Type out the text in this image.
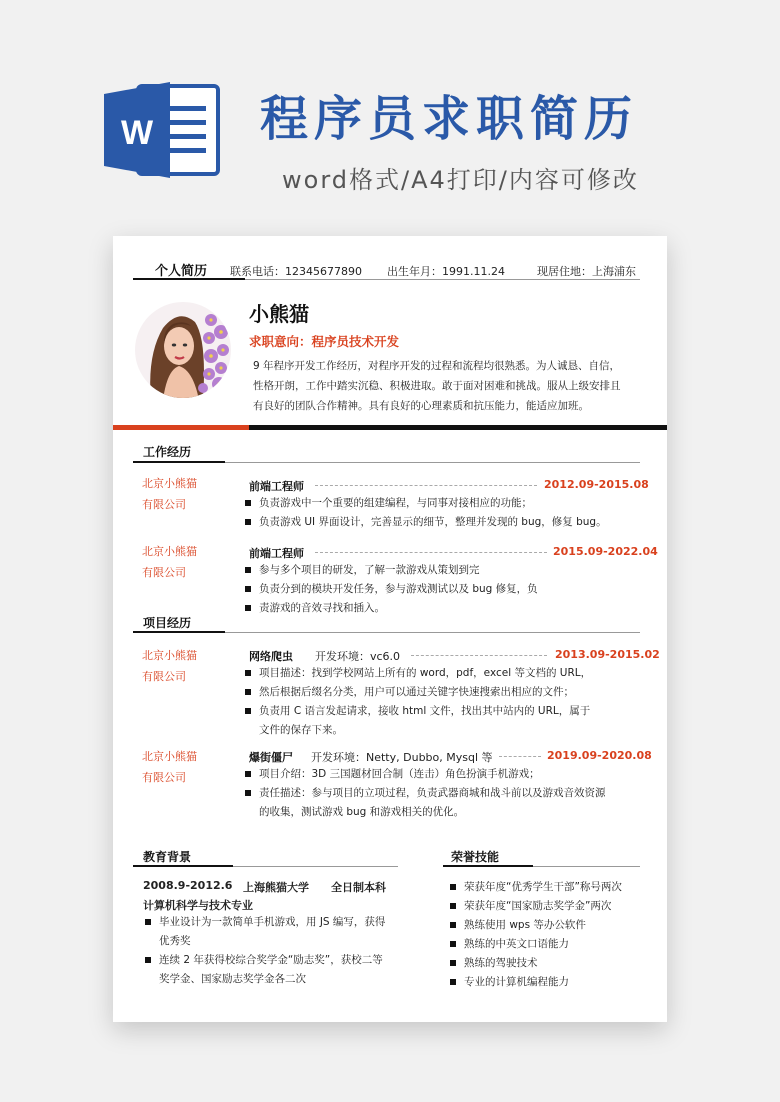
W 程序员求职简历
word格式/A4打印/内容可修改
个人简历 联系电话：12345677890 出生年月：1991.11.24	现居住地：上海浦东
小熊猫
求职意向：程序员技术开发
9 年程序开发工作经历，对程序开发的过程和流程均很熟悉。为人诚恳、自信，
性格开朗，工作中踏实沉稳、积极进取。敢于面对困难和挑战。服从上级安排且
有良好的团队合作精神。具有良好的心理素质和抗压能力，能适应加班。
工作经历
北京小熊猫
有限公司
前端工程师	2012.09-2015.08
负责游戏中一个重要的组建编程，与同事对接相应的功能；
负责游戏 UI 界面设计，完善显示的细节，整理并发现的 bug，修复 bug。
北京小熊猫
有限公司
前端工程师	2015.09-2022.04
参与多个项目的研发，了解一款游戏从策划到完
负责分到的模块开发任务，参与游戏测试以及 bug 修复，负
责游戏的音效寻找和插入。
项目经历
北京小熊猫
有限公司
网络爬虫 开发环境：vc6.0	2013.09-2015.02
项目描述：找到学校网站上所有的 word，pdf，excel 等文档的 URL，
然后根据后缀名分类，用户可以通过关键字快速搜索出相应的文件；
负责用 C 语言发起请求，接收 html 文件，找出其中站内的 URL，属于
文件的保存下来。
北京小熊猫
有限公司
爆街僵尸 开发环境：Netty, Dubbo, Mysql 等	2019.09-2020.08
项目介绍：3D 三国题材回合制（连击）角色扮演手机游戏；
责任描述：参与项目的立项过程，负责武器商城和战斗前以及游戏音效资源
的收集，测试游戏 bug 和游戏相关的优化。
教育背景
2008.9-2012.6 上海熊猫大学 全日制本科
计算机科学与技术专业
毕业设计为一款简单手机游戏，用 JS 编写，获得
优秀奖
连续 2 年获得校综合奖学金“励志奖”，获校二等
奖学金、国家励志奖学金各二次
荣誉技能
荣获年度“优秀学生干部”称号两次
荣获年度“国家励志奖学金”两次
熟练使用 wps 等办公软件
熟练的中英文口语能力
熟练的驾驶技术
专业的计算机编程能力
